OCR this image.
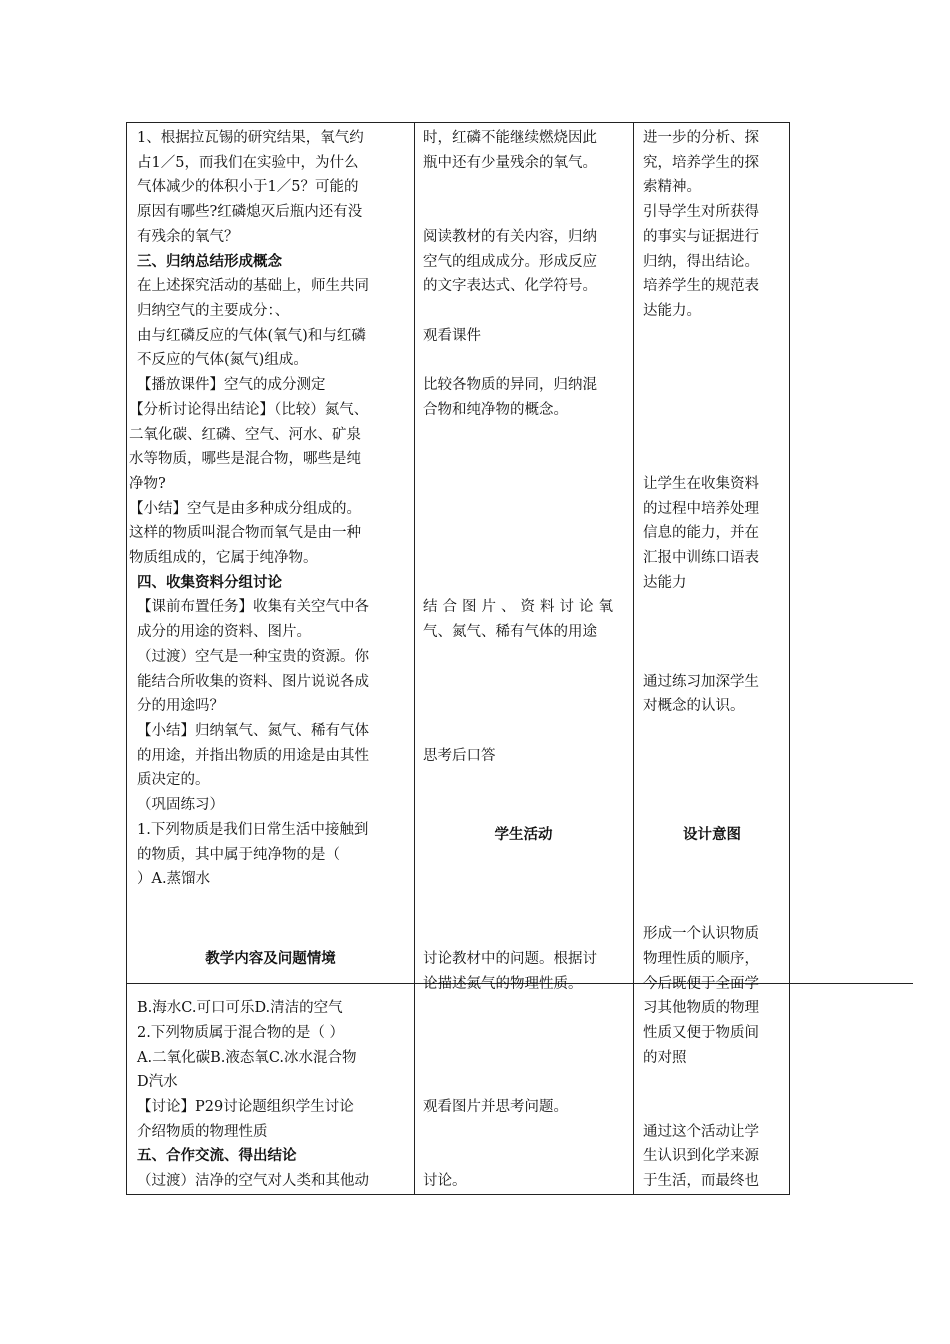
1、根据拉瓦锡的研究结果，氧气约
占1／5，而我们在实验中，为什么
气体减少的体积小于1／5？可能的
原因有哪些?红磷熄灭后瓶内还有没
有残余的氧气？
三、归纳总结形成概念
在上述探究活动的基础上，师生共同
归纳空气的主要成分：、
由与红磷反应的气体(氧气)和与红磷
不反应的气体(氮气)组成。
【播放课件】空气的成分测定
【分析讨论得出结论】（比较）氮气、
二氧化碳、红磷、空气、河水、矿泉
水等物质，哪些是混合物，哪些是纯
净物?
【小结】空气是由多种成分组成的。
这样的物质叫混合物而氧气是由一种
物质组成的，它属于纯净物。
四、收集资料分组讨论
【课前布置任务】收集有关空气中各
成分的用途的资料、图片。
（过渡）空气是一种宝贵的资源。你
能结合所收集的资料、图片说说各成
分的用途吗？
【小结】归纳氧气、氮气、稀有气体
的用途，并指出物质的用途是由其性
质决定的。
（巩固练习）
1.下列物质是我们日常生活中接触到
的物质，其中属于纯净物的是（
）A.蒸馏水
教学内容及问题情境
B.海水C.可口可乐D.清洁的空气
2.下列物质属于混合物的是（ ）
A.二氧化碳B.液态氧C.冰水混合物
D汽水
【讨论】P29讨论题组织学生讨论
介绍物质的物理性质
五、合作交流、得出结论
（过渡）洁净的空气对人类和其他动
时，红磷不能继续燃烧因此
瓶中还有少量残余的氧气。
阅读教材的有关内容，归纳
空气的组成成分。形成反应
的文字表达式、化学符号。
观看课件
比较各物质的异同，归纳混
合物和纯净物的概念。
结合图片、资料讨论氧
气、氮气、稀有气体的用途
思考后口答
学生活动
讨论教材中的问题。根据讨
论描述氮气的物理性质。
观看图片并思考问题。
讨论。
进一步的分析、探
究，培养学生的探
索精神。
引导学生对所获得
的事实与证据进行
归纳，得出结论。
培养学生的规范表
达能力。
让学生在收集资料
的过程中培养处理
信息的能力，并在
汇报中训练口语表
达能力
通过练习加深学生
对概念的认识。
设计意图
形成一个认识物质
物理性质的顺序，
今后既便于全面学
习其他物质的物理
性质又便于物质间
的对照
通过这个活动让学
生认识到化学来源
于生活，而最终也
